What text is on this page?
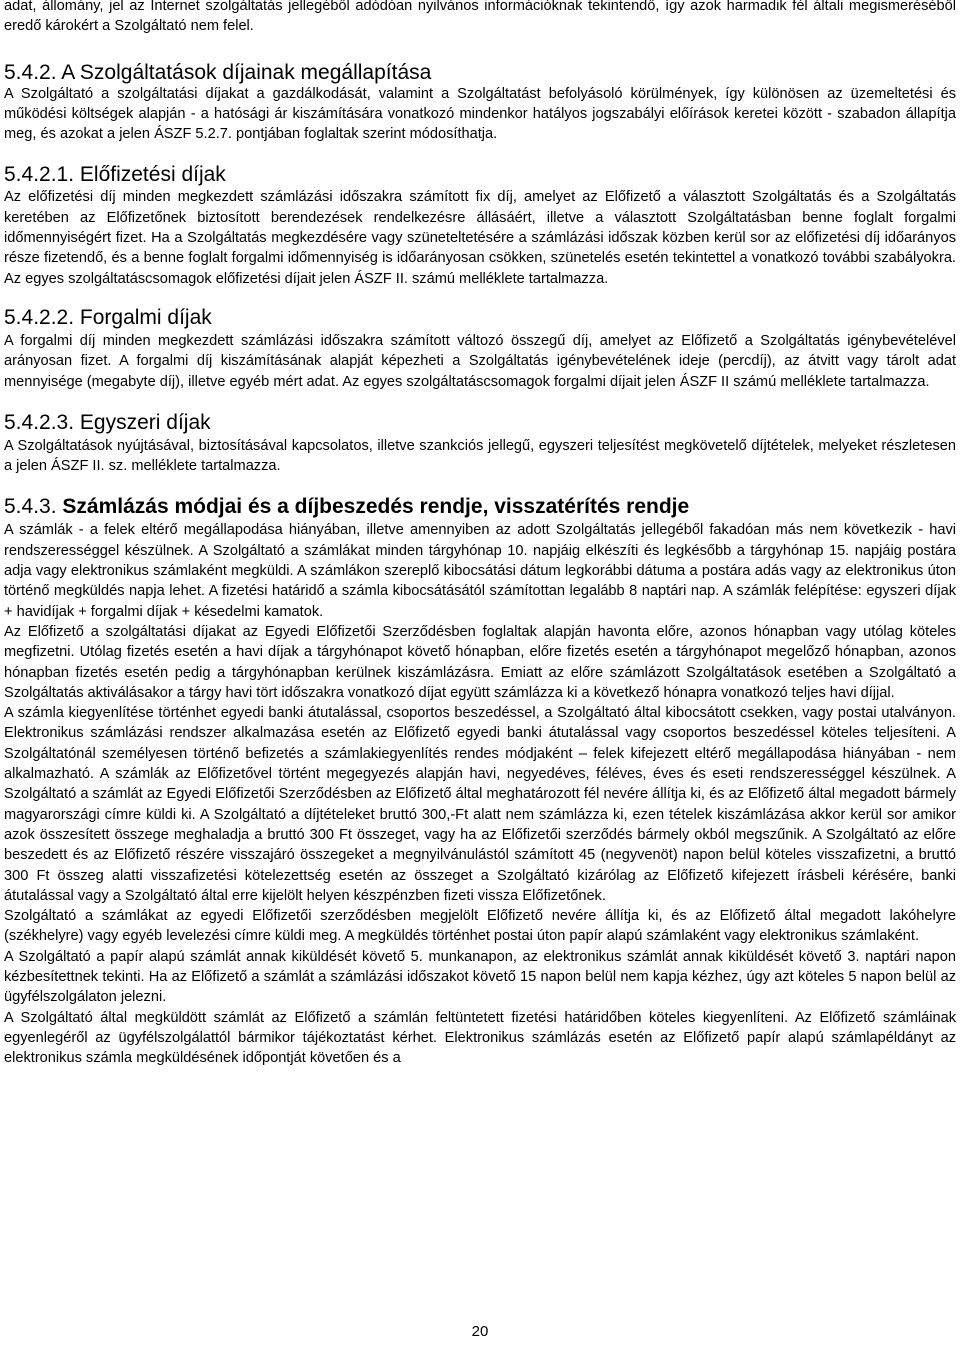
adat, állomány, jel az Internet szolgáltatás jellegéből adódóan nyilvános információknak tekintendő, így azok harmadik fél általi megismeréséből eredő károkért a Szolgáltató nem felel.

5.4.2. A Szolgáltatások díjainak megállapítása

A Szolgáltató a szolgáltatási díjakat a gazdálkodását, valamint a Szolgáltatást befolyásoló körülmények, így különösen az üzemeltetési és működési költségek alapján - a hatósági ár kiszámítására vonatkozó mindenkor hatályos jogszabályi előírások keretei között - szabadon állapítja meg, és azokat a jelen ÁSZF 5.2.7. pontjában foglaltak szerint módosíthatja.

5.4.2.1. Előfizetési díjak

Az előfizetési díj minden megkezdett számlázási időszakra számított fix díj, amelyet az Előfizető a választott Szolgáltatás és a Szolgáltatás keretében az Előfizetőnek biztosított berendezések rendelkezésre állásáért, illetve a választott Szolgáltatásban benne foglalt forgalmi időmennyiségért fizet. Ha a Szolgáltatás megkezdésére vagy szüneteltetésére a számlázási időszak közben kerül sor az előfizetési díj időarányos része fizetendő, és a benne foglalt forgalmi időmennyiség is időarányosan csökken, szünetelés esetén tekintettel a vonatkozó további szabályokra. Az egyes szolgáltatáscsomagok előfizetési díjait jelen ÁSZF II. számú melléklete tartalmazza.

5.4.2.2. Forgalmi díjak

A forgalmi díj minden megkezdett számlázási időszakra számított változó összegű díj, amelyet az Előfizető a Szolgáltatás igénybevételével arányosan fizet. A forgalmi díj kiszámításának alapját képezheti a Szolgáltatás igénybevételének ideje (percdíj), az átvitt vagy tárolt adat mennyisége (megabyte díj), illetve egyéb mért adat. Az egyes szolgáltatáscsomagok forgalmi díjait jelen ÁSZF II számú melléklete tartalmazza.

5.4.2.3. Egyszeri díjak

A Szolgáltatások nyújtásával, biztosításával kapcsolatos, illetve szankciós jellegű, egyszeri teljesítést megkövetelő díjtételek, melyeket részletesen a jelen ÁSZF II. sz. melléklete tartalmazza.

5.4.3. Számlázás módjai és a díjbeszedés rendje, visszatérítés rendje

A számlák - a felek eltérő megállapodása hiányában, illetve amennyiben az adott Szolgáltatás jellegéből fakadóan más nem következik - havi rendszerességgel készülnek. A Szolgáltató a számlákat minden tárgyhónap 10. napjáig elkészíti és legkésőbb a tárgyhónap 15. napjáig postára adja vagy elektronikus számlaként megküldi. A számlákon szereplő kibocsátási dátum legkorábbi dátuma a postára adás vagy az elektronikus úton történő megküldés napja lehet. A fizetési határidő a számla kibocsátásától számítottan legalább 8 naptári nap. A számlák felépítése: egyszeri díjak + havidíjak + forgalmi díjak + késedelmi kamatok.

Az Előfizető a szolgáltatási díjakat az Egyedi Előfizetői Szerződésben foglaltak alapján havonta előre, azonos hónapban vagy utólag köteles megfizetni. Utólag fizetés esetén a havi díjak a tárgyhónapot követő hónapban, előre fizetés esetén a tárgyhónapot megelőző hónapban, azonos hónapban fizetés esetén pedig a tárgyhónapban kerülnek kiszámlázásra. Emiatt az előre számlázott Szolgáltatások esetében a Szolgáltató a Szolgáltatás aktiválásakor a tárgy havi tört időszakra vonatkozó díjat együtt számlázza ki a következő hónapra vonatkozó teljes havi díjjal.

A számla kiegyenlítése történhet egyedi banki átutalással, csoportos beszedéssel, a Szolgáltató által kibocsátott csekken, vagy postai utalványon. Elektronikus számlázási rendszer alkalmazása esetén az Előfizető egyedi banki átutalással vagy csoportos beszedéssel köteles teljesíteni. A Szolgáltatónál személyesen történő befizetés a számlakiegyenlítés rendes módjaként – felek kifejezett eltérő megállapodása hiányában - nem alkalmazható. A számlák az Előfizetővel történt megegyezés alapján havi, negyedéves, féléves, éves és eseti rendszerességgel készülnek. A Szolgáltató a számlát az Egyedi Előfizetői Szerződésben az Előfizető által meghatározott fél nevére állítja ki, és az Előfizető által megadott bármely magyarországi címre küldi ki. A Szolgáltató a díjtételeket bruttó 300,-Ft alatt nem számlázza ki, ezen tételek kiszámlázása akkor kerül sor amikor azok összesített összege meghaladja a bruttó 300 Ft összeget, vagy ha az Előfizetői szerződés bármely okból megszűnik. A Szolgáltató az előre beszedett és az Előfizető részére visszajáró összegeket a megnyilvánulástól számított 45 (negyvenöt) napon belül köteles visszafizetni, a bruttó 300 Ft összeg alatti visszafizetési kötelezettség esetén az összeget a Szolgáltató kizárólag az Előfizető kifejezett írásbeli kérésére, banki átutalással vagy a Szolgáltató által erre kijelölt helyen készpénzben fizeti vissza Előfizetőnek.

Szolgáltató a számlákat az egyedi Előfizetői szerződésben megjelölt Előfizető nevére állítja ki, és az Előfizető által megadott lakóhelyre (székhelyre) vagy egyéb levelezési címre küldi meg. A megküldés történhet postai úton papír alapú számlaként vagy elektronikus számlaként.

A Szolgáltató a papír alapú számlát annak kiküldését követő 5. munkanapon, az elektronikus számlát annak kiküldését követő 3. naptári napon kézbesítettnek tekinti. Ha az Előfizető a számlát a számlázási időszakot követő 15 napon belül nem kapja kézhez, úgy azt köteles 5 napon belül az ügyfélszolgálaton jelezni.

A Szolgáltató által megküldött számlát az Előfizető a számlán feltüntetett fizetési határidőben köteles kiegyenlíteni. Az Előfizető számláinak egyenlegéről az ügyfélszolgálattól bármikor tájékoztatást kérhet. Elektronikus számlázás esetén az Előfizető papír alapú számlapéldányt az elektronikus számla megküldésének időpontját követően és a

20
